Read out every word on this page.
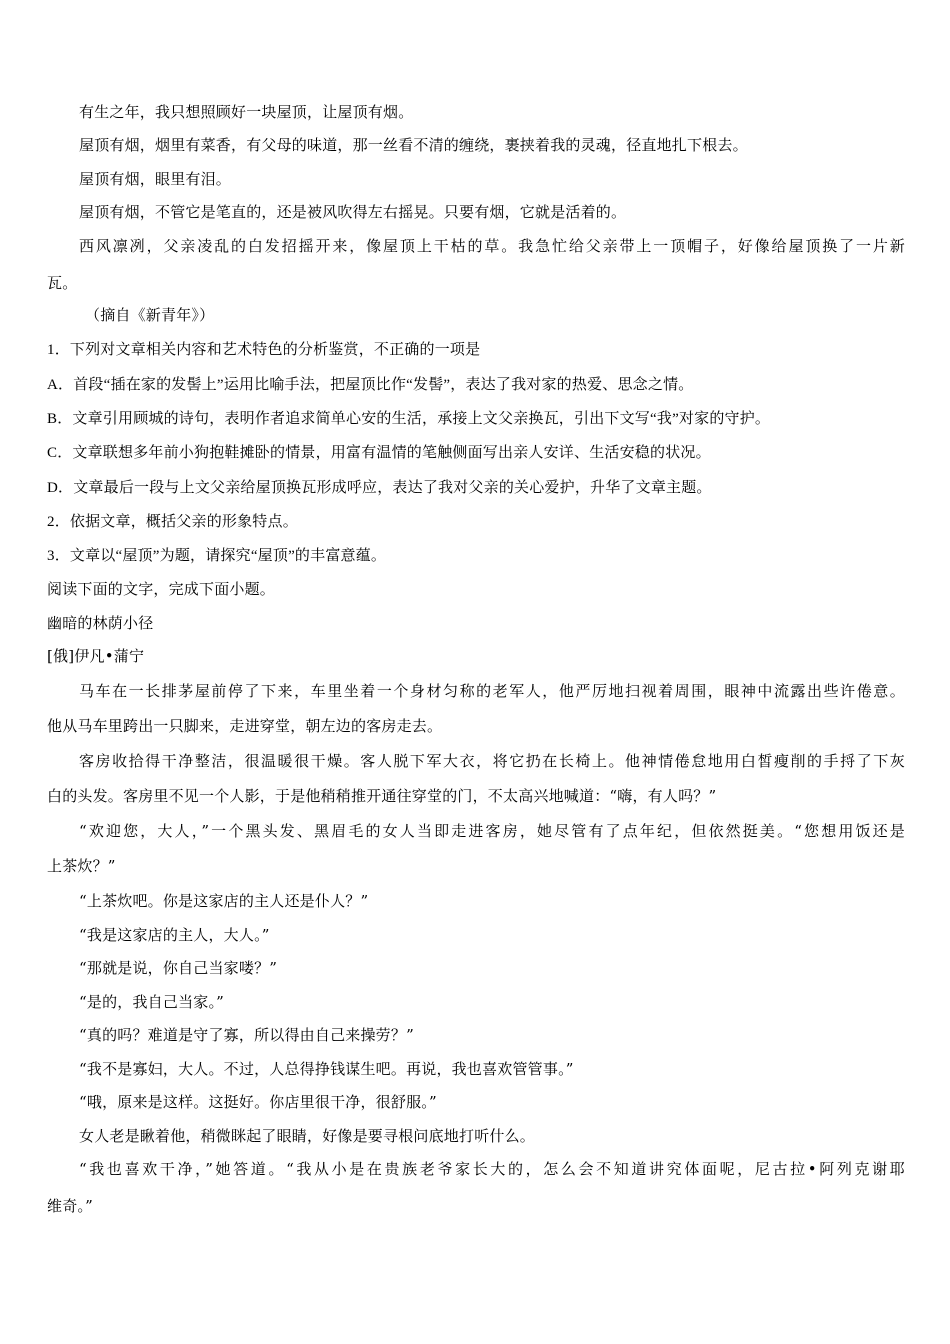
有生之年，我只想照顾好一块屋顶，让屋顶有烟。
屋顶有烟，烟里有菜香，有父母的味道，那一丝看不清的缠绕，裹挟着我的灵魂，径直地扎下根去。
屋顶有烟，眼里有泪。
屋顶有烟，不管它是笔直的，还是被风吹得左右摇晃。只要有烟，它就是活着的。
西风凛冽，父亲凌乱的白发招摇开来，像屋顶上干枯的草。我急忙给父亲带上一顶帽子，好像给屋顶换了一片新
瓦。
（摘自《新青年》）
1．下列对文章相关内容和艺术特色的分析鉴赏，不正确的一项是
A．首段“插在家的发髻上”运用比喻手法，把屋顶比作“发髻”，表达了我对家的热爱、思念之情。
B．文章引用顾城的诗句，表明作者追求简单心安的生活，承接上文父亲换瓦，引出下文写“我”对家的守护。
C．文章联想多年前小狗抱鞋摊卧的情景，用富有温情的笔触侧面写出亲人安详、生活安稳的状况。
D．文章最后一段与上文父亲给屋顶换瓦形成呼应，表达了我对父亲的关心爱护，升华了文章主题。
2．依据文章，概括父亲的形象特点。
3．文章以“屋顶”为题，请探究“屋顶”的丰富意蕴。
阅读下面的文字，完成下面小题。
幽暗的林荫小径
[俄]伊凡•蒲宁
马车在一长排茅屋前停了下来，车里坐着一个身材匀称的老军人，他严厉地扫视着周围，眼神中流露出些许倦意。
他从马车里跨出一只脚来，走进穿堂，朝左边的客房走去。
客房收拾得干净整洁，很温暖很干燥。客人脱下军大衣，将它扔在长椅上。他神情倦怠地用白皙瘦削的手捋了下灰
白的头发。客房里不见一个人影，于是他稍稍推开通往穿堂的门，不太高兴地喊道：“嗨，有人吗？”
“欢迎您，大人，”一个黑头发、黑眉毛的女人当即走进客房，她尽管有了点年纪，但依然挺美。“您想用饭还是
上茶炊？”
“上茶炊吧。你是这家店的主人还是仆人？”
“我是这家店的主人，大人。”
“那就是说，你自己当家喽？”
“是的，我自己当家。”
“真的吗？难道是守了寡，所以得由自己来操劳？”
“我不是寡妇，大人。不过，人总得挣钱谋生吧。再说，我也喜欢管管事。”
“哦，原来是这样。这挺好。你店里很干净，很舒服。”
女人老是瞅着他，稍微眯起了眼睛，好像是要寻根问底地打听什么。
“我也喜欢干净，”她答道。“我从小是在贵族老爷家长大的，怎么会不知道讲究体面呢，尼古拉•阿列克谢耶
维奇。”
